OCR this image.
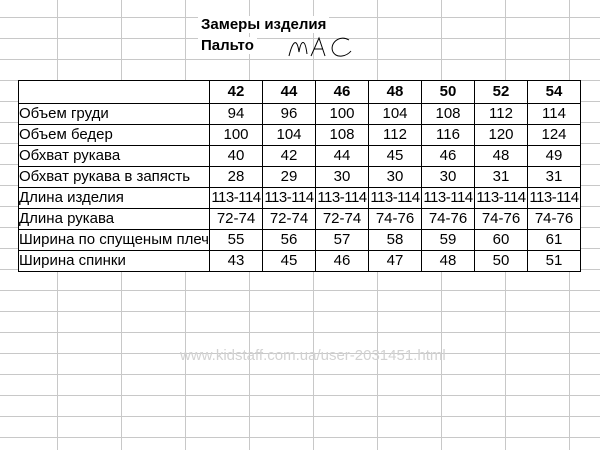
Замеры изделия
Пальто
	42	44	46	48	50	52	54
Объем груди	94	96	100	104	108	112	114
Объем бедер	100	104	108	112	116	120	124
Обхват рукава	40	42	44	45	46	48	49
Обхват рукава в запясть	28	29	30	30	30	31	31
Длина изделия	113-114	113-114	113-114	113-114	113-114	113-114	113-114
Длина рукава	72-74	72-74	72-74	74-76	74-76	74-76	74-76
Ширина по спущеным плеч	55	56	57	58	59	60	61
Ширина спинки	43	45	46	47	48	50	51
www.kidstaff.com.ua/user-2031451.html
